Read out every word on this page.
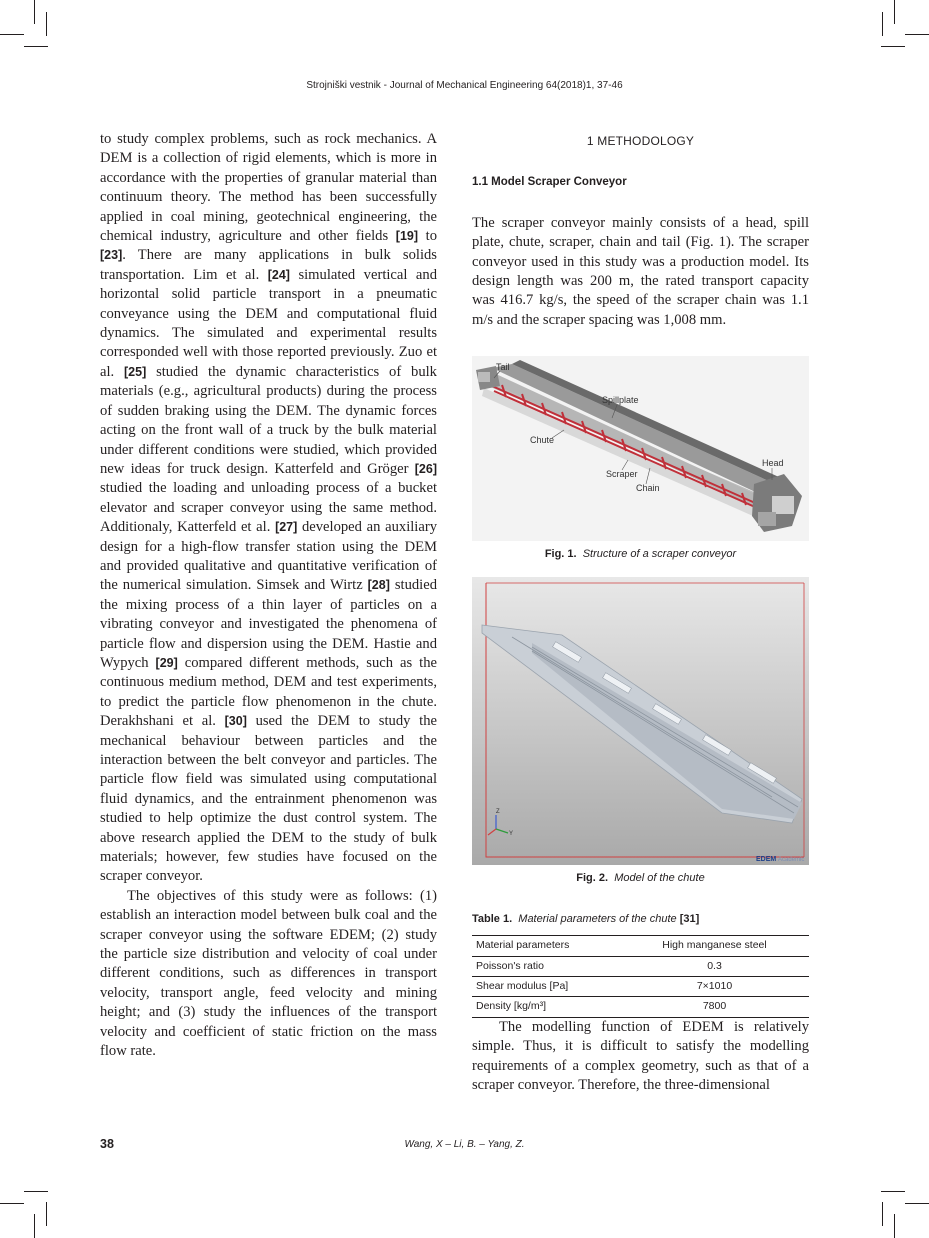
Strojniški vestnik - Journal of Mechanical Engineering 64(2018)1, 37-46

to study complex problems, such as rock mechanics. A DEM is a collection of rigid elements, which is more in accordance with the properties of granular material than continuum theory. The method has been successfully applied in coal mining, geotechnical engineering, the chemical industry, agriculture and other fields [19] to [23]. There are many applications in bulk solids transportation. Lim et al. [24] simulated vertical and horizontal solid particle transport in a pneumatic conveyance using the DEM and computational fluid dynamics. The simulated and experimental results corresponded well with those reported previously. Zuo et al. [25] studied the dynamic characteristics of bulk materials (e.g., agricultural products) during the process of sudden braking using the DEM. The dynamic forces acting on the front wall of a truck by the bulk material under different conditions were studied, which provided new ideas for truck design. Katterfeld and Gröger [26] studied the loading and unloading process of a bucket elevator and scraper conveyor using the same method. Additionaly, Katterfeld et al. [27] developed an auxiliary design for a high-flow transfer station using the DEM and provided qualitative and quantitative verification of the numerical simulation. Simsek and Wirtz [28] studied the mixing process of a thin layer of particles on a vibrating conveyor and investigated the phenomena of particle flow and dispersion using the DEM. Hastie and Wypych [29] compared different methods, such as the continuous medium method, DEM and test experiments, to predict the particle flow phenomenon in the chute. Derakhshani et al. [30] used the DEM to study the mechanical behaviour between particles and the interaction between the belt conveyor and particles. The particle flow field was simulated using computational fluid dynamics, and the entrainment phenomenon was studied to help optimize the dust control system. The above research applied the DEM to the study of bulk materials; however, few studies have focused on the scraper conveyor.

The objectives of this study were as follows: (1) establish an interaction model between bulk coal and the scraper conveyor using the software EDEM; (2) study the particle size distribution and velocity of coal under different conditions, such as differences in transport velocity, transport angle, feed velocity and mining height; and (3) study the influences of the transport velocity and coefficient of static friction on the mass flow rate.

1 METHODOLOGY
1.1 Model Scraper Conveyor

The scraper conveyor mainly consists of a head, spill plate, chute, scraper, chain and tail (Fig. 1). The scraper conveyor used in this study was a production model. Its design length was 200 m, the rated transport capacity was 416.7 kg/s, the speed of the scraper chain was 1.1 m/s and the scraper spacing was 1,008 mm.

Tail
Spillplate
Chute
Head
Scraper
Chain
Fig. 1. Structure of a scraper conveyor
Z
Y
EDEM Academic
Fig. 2. Model of the chute
Table 1. Material parameters of the chute [31]
Material parameters	High manganese steel
Poisson's ratio	0.3
Shear modulus [Pa]	7×1010
Density [kg/m³]	7800

The modelling function of EDEM is relatively simple. Thus, it is difficult to satisfy the modelling requirements of a complex geometry, such as that of a scraper conveyor. Therefore, the three-dimensional

38	Wang, X – Li, B. – Yang, Z.
